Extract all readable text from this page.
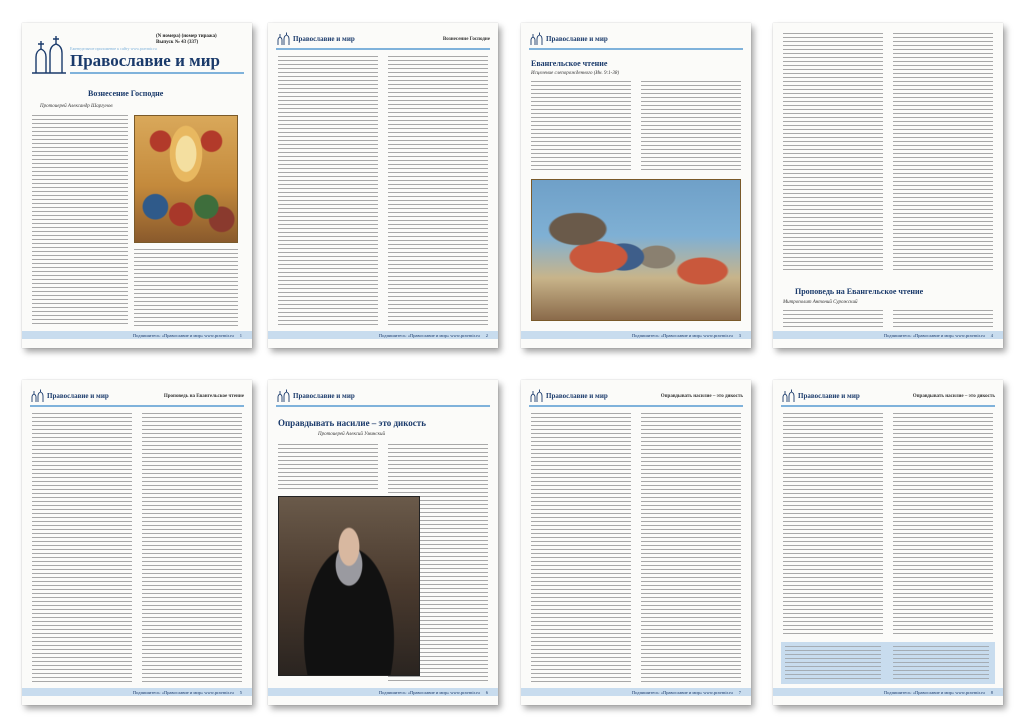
(N номера) (номер тиража)
Выпуск № 43 (337)
Еженедельное приложение к сайту www.pravmir.ru
Православие и мир
Вознесение Господне
Протоиерей Александр Шаргунов
Подпишитесь: «Православие и мир» www.pravmir.ru 1
Православие и мир	Вознесение Господне
Подпишитесь: «Православие и мир» www.pravmir.ru 2
Православие и мир
Евангельское чтение
Исцеление слепорожденного (Ин. 9:1-38)
Подпишитесь: «Православие и мир» www.pravmir.ru 3
Проповедь на Евангельское чтение
Митрополит Антоний Сурожский
Подпишитесь: «Православие и мир» www.pravmir.ru 4
Православие и мир	Проповедь на Евангельское чтение
Подпишитесь: «Православие и мир» www.pravmir.ru 5
Православие и мир
Оправдывать насилие – это дикость
Протоиерей Алексий Уминский
Подпишитесь: «Православие и мир» www.pravmir.ru 6
Православие и мир	Оправдывать насилие – это дикость
Подпишитесь: «Православие и мир» www.pravmir.ru 7
Православие и мир	Оправдывать насилие – это дикость
Подпишитесь: «Православие и мир» www.pravmir.ru 8
